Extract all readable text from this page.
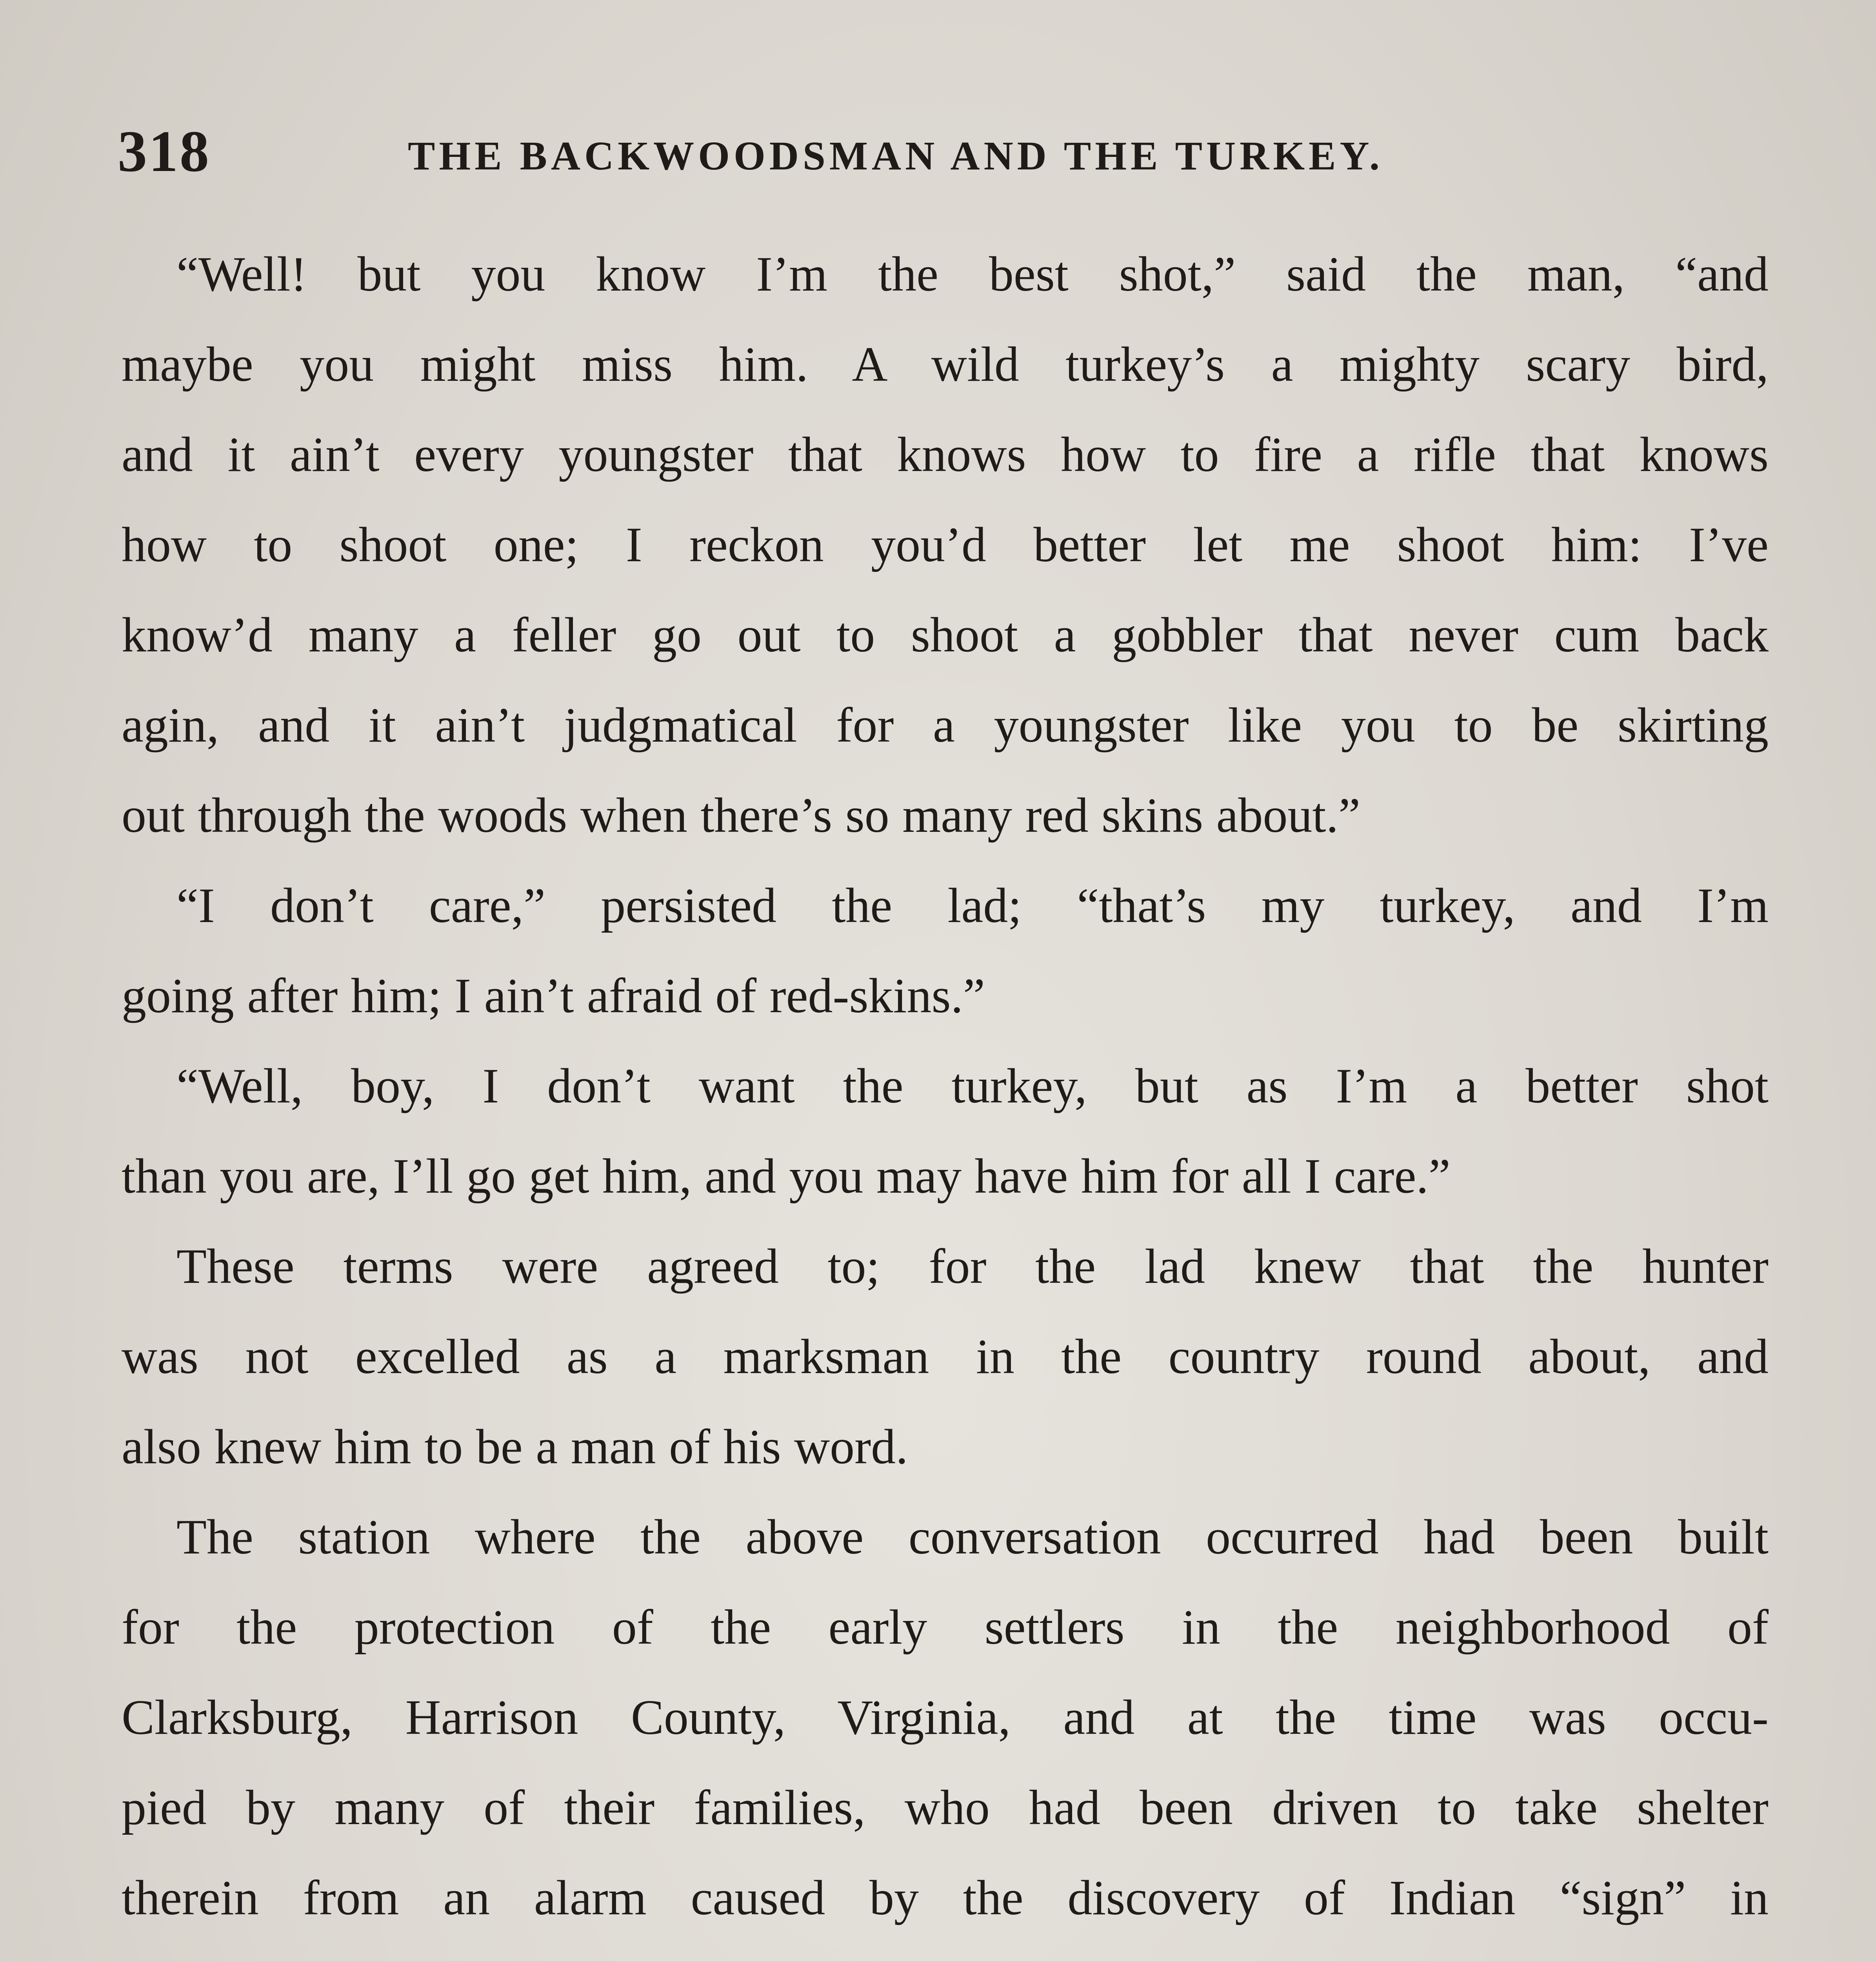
318	THE BACKWOODSMAN AND THE TURKEY.
“Well! but you know I’m the best shot,” said the man, “and
maybe you might miss him. A wild turkey’s a mighty scary bird,
and it ain’t every youngster that knows how to fire a rifle that knows
how to shoot one; I reckon you’d better let me shoot him: I’ve
know’d many a feller go out to shoot a gobbler that never cum back
agin, and it ain’t judgmatical for a youngster like you to be skirting
out through the woods when there’s so many red skins about.”
“I don’t care,” persisted the lad; “that’s my turkey, and I’m
going after him; I ain’t afraid of red-skins.”
“Well, boy, I don’t want the turkey, but as I’m a better shot
than you are, I’ll go get him, and you may have him for all I care.”
These terms were agreed to; for the lad knew that the hunter
was not excelled as a marksman in the country round about, and
also knew him to be a man of his word.
The station where the above conversation occurred had been built
for the protection of the early settlers in the neighborhood of
Clarksburg, Harrison County, Virginia, and at the time was occu-
pied by many of their families, who had been driven to take shelter
therein from an alarm caused by the discovery of Indian “sign” in
